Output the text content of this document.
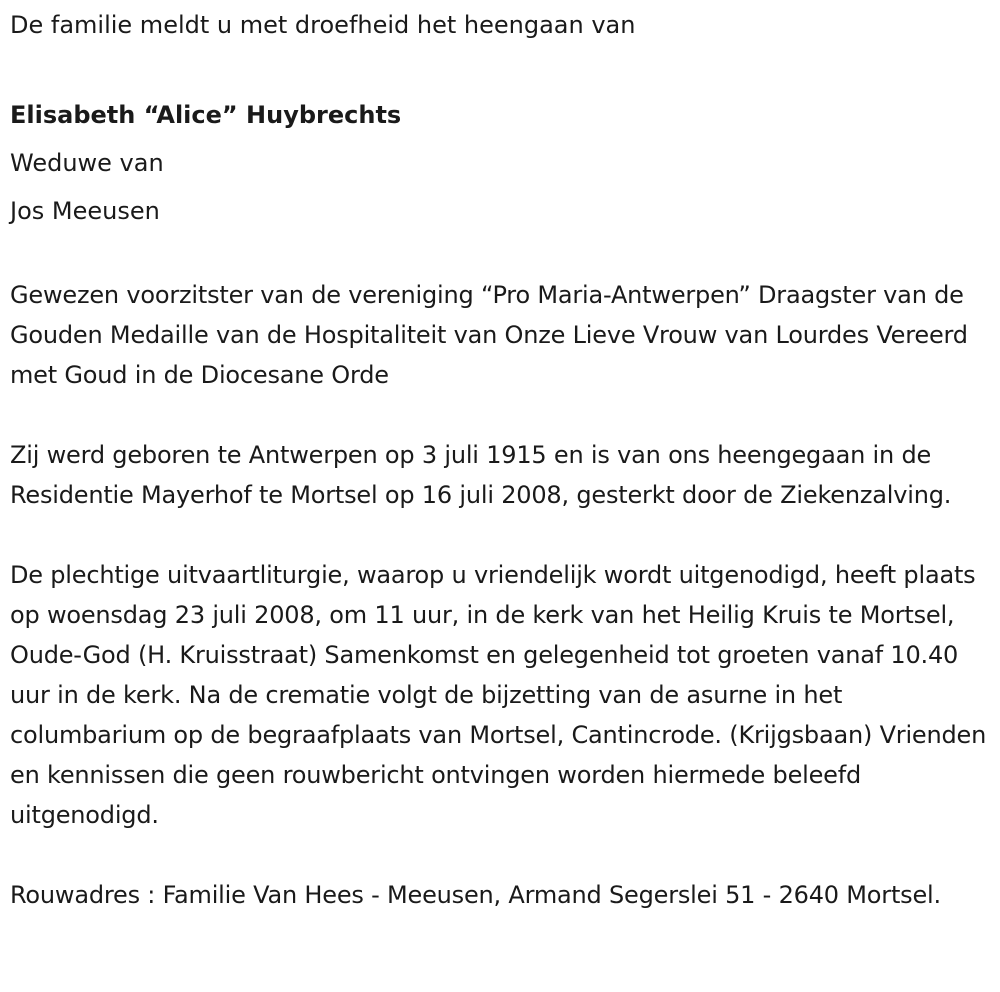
De familie meldt u met droefheid het heengaan van

Elisabeth “Alice” Huybrechts

Weduwe van

Jos Meeusen

Gewezen voorzitster van de vereniging “Pro Maria-Antwerpen” Draagster van de Gouden Medaille van de Hospitaliteit van Onze Lieve Vrouw van Lourdes Vereerd met Goud in de Diocesane Orde

Zij werd geboren te Antwerpen op 3 juli 1915 en is van ons heengegaan in de Residentie Mayerhof te Mortsel op 16 juli 2008, gesterkt door de Ziekenzalving.

De plechtige uitvaartliturgie, waarop u vriendelijk wordt uitgenodigd, heeft plaats op woensdag 23 juli 2008, om 11 uur, in de kerk van het Heilig Kruis te Mortsel, Oude-God (H. Kruisstraat) Samenkomst en gelegenheid tot groeten vanaf 10.40 uur in de kerk. Na de crematie volgt de bijzetting van de asurne in het columbarium op de begraafplaats van Mortsel, Cantincrode. (Krijgsbaan) Vrienden en kennissen die geen rouwbericht ontvingen worden hiermede beleefd uitgenodigd.

Rouwadres : Familie Van Hees - Meeusen, Armand Segerslei 51 - 2640 Mortsel.
